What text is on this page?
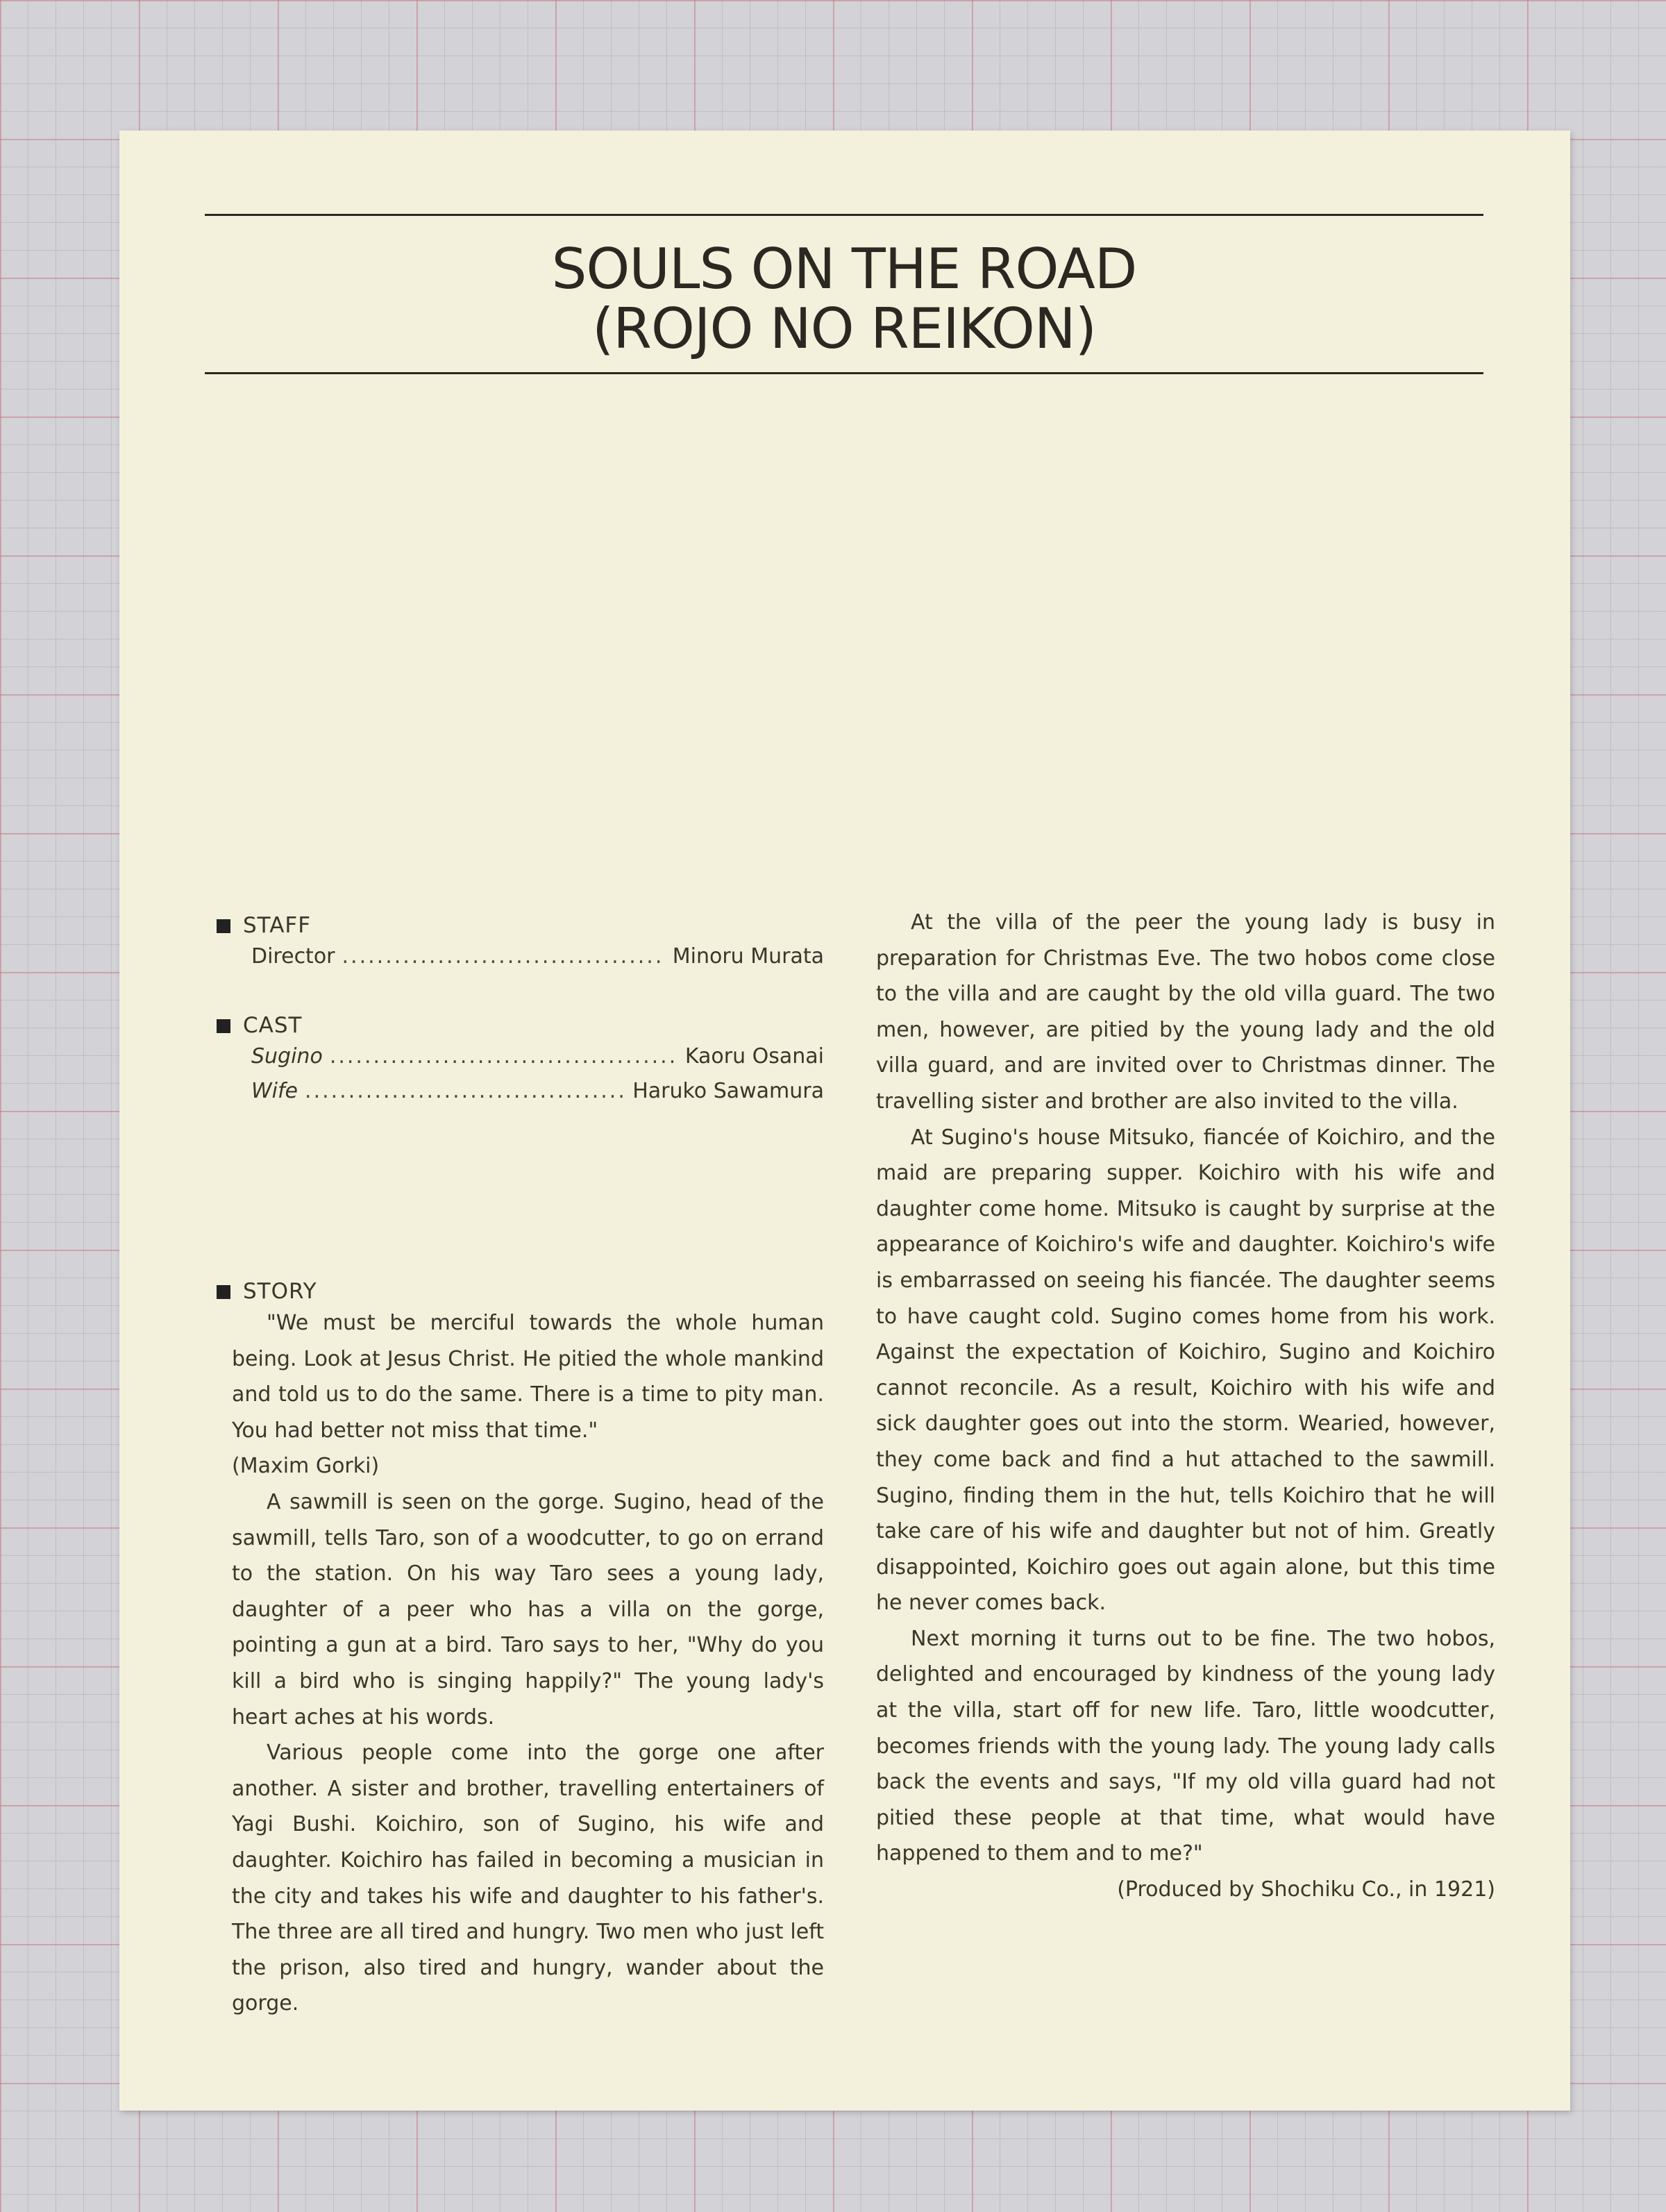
SOULS ON THE ROAD
(ROJO NO REIKON)
STAFF
Director .....	Minoru Murata
CAST
Sugino .....	Kaoru Osanai
Wife .....	Haruko Sawamura
STORY

"We must be merciful towards the whole human being. Look at Jesus Christ. He pitied the whole mankind and told us to do the same. There is a time to pity man. You had better not miss that time."

(Maxim Gorki)

A sawmill is seen on the gorge. Sugino, head of the sawmill, tells Taro, son of a woodcutter, to go on errand to the station. On his way Taro sees a young lady, daughter of a peer who has a villa on the gorge, pointing a gun at a bird. Taro says to her, "Why do you kill a bird who is singing happily?" The young lady's heart aches at his words.

Various people come into the gorge one after another. A sister and brother, travelling entertainers of Yagi Bushi. Koichiro, son of Sugino, his wife and daughter. Koichiro has failed in becoming a musician in the city and takes his wife and daughter to his father's. The three are all tired and hungry. Two men who just left the prison, also tired and hungry, wander about the gorge.

At the villa of the peer the young lady is busy in preparation for Christmas Eve. The two hobos come close to the villa and are caught by the old villa guard. The two men, however, are pitied by the young lady and the old villa guard, and are invited over to Christmas dinner. The travelling sister and brother are also invited to the villa.

At Sugino's house Mitsuko, fiancée of Koichiro, and the maid are preparing supper. Koichiro with his wife and daughter come home. Mitsuko is caught by surprise at the appearance of Koichiro's wife and daughter. Koichiro's wife is embarrassed on seeing his fiancée. The daughter seems to have caught cold. Sugino comes home from his work. Against the expectation of Koichiro, Sugino and Koichiro cannot reconcile. As a result, Koichiro with his wife and sick daughter goes out into the storm. Wearied, however, they come back and find a hut attached to the sawmill. Sugino, finding them in the hut, tells Koichiro that he will take care of his wife and daughter but not of him. Greatly disappointed, Koichiro goes out again alone, but this time he never comes back.

Next morning it turns out to be fine. The two hobos, delighted and encouraged by kindness of the young lady at the villa, start off for new life. Taro, little woodcutter, becomes friends with the young lady. The young lady calls back the events and says, "If my old villa guard had not pitied these people at that time, what would have happened to them and to me?"

(Produced by Shochiku Co., in 1921)
